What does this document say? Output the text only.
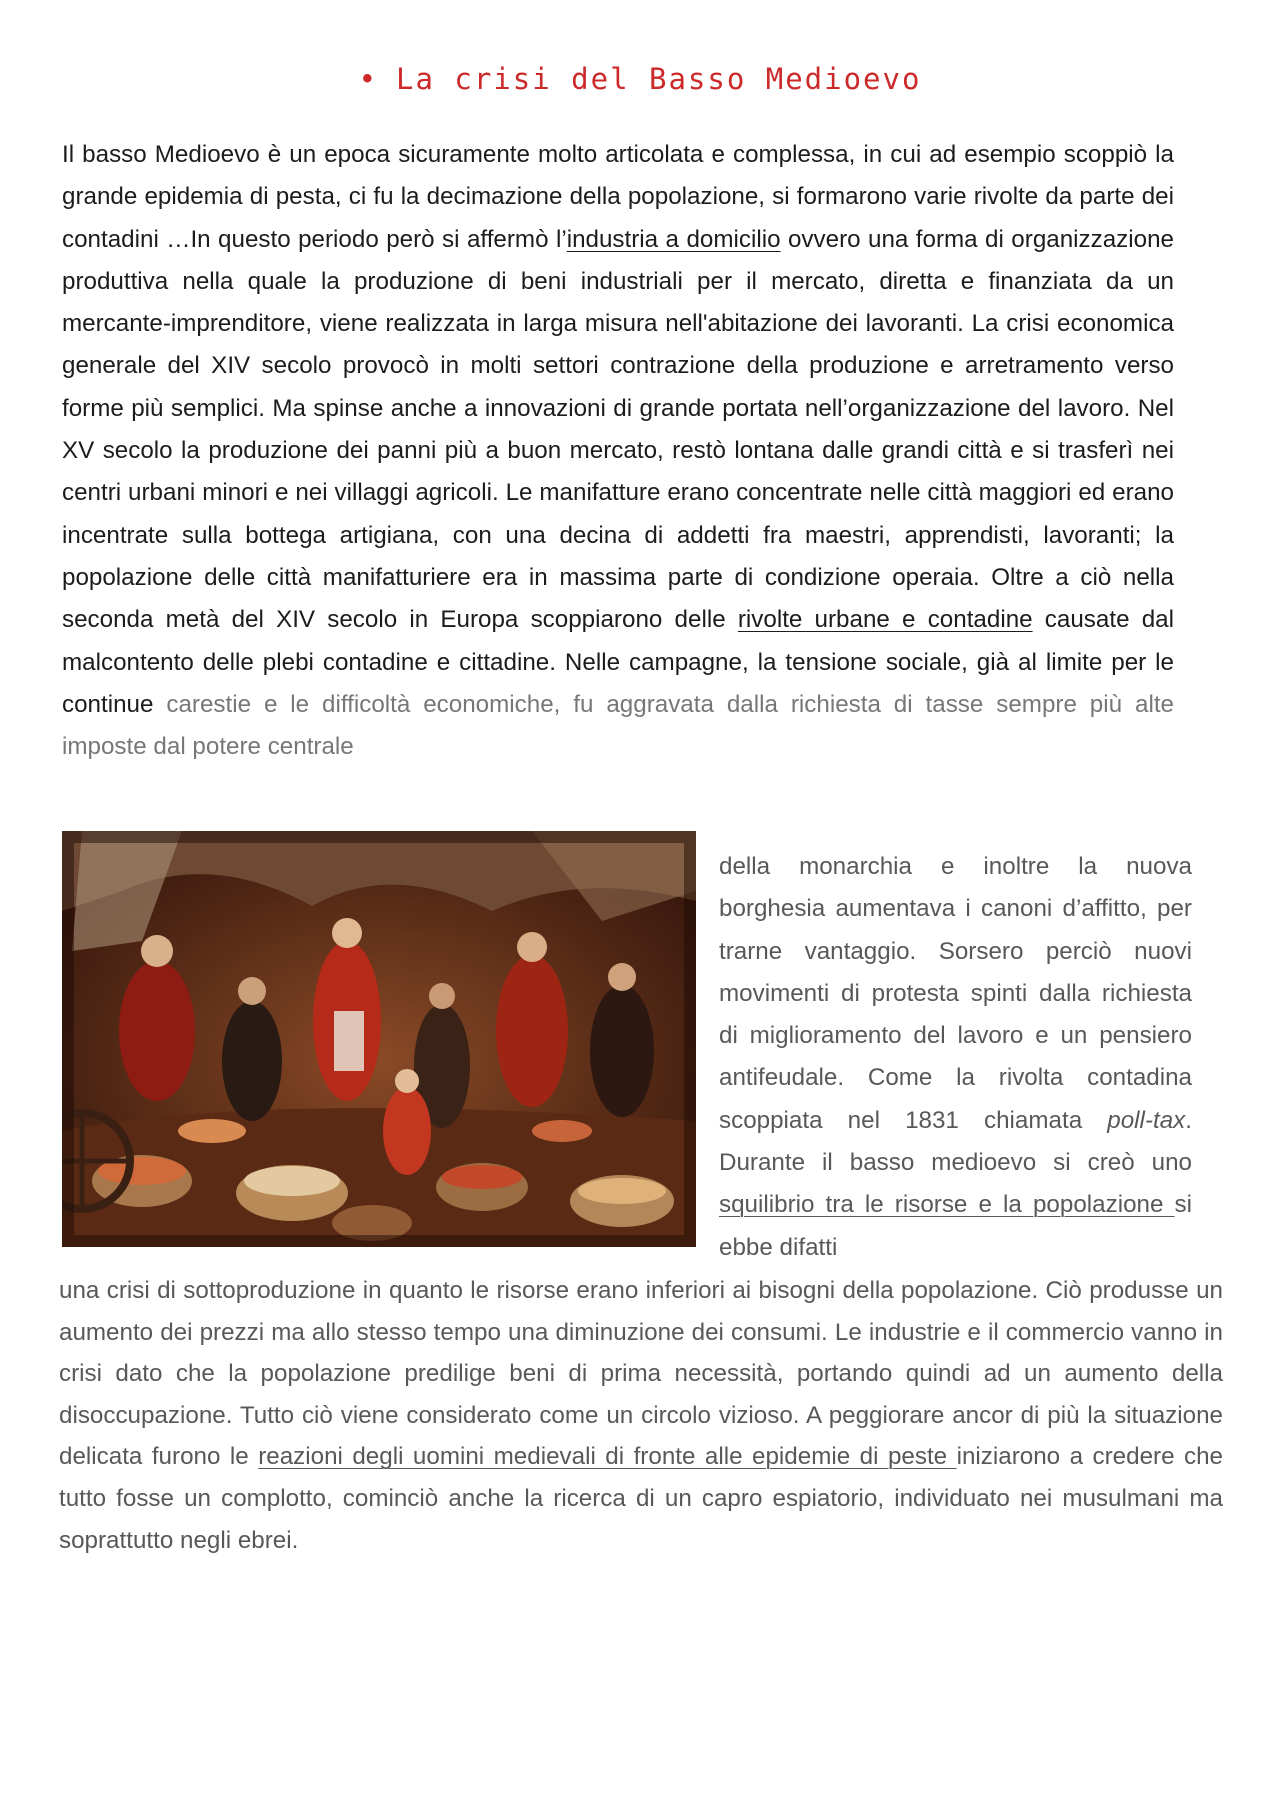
• La crisi del Basso Medioevo

Il basso Medioevo è un epoca sicuramente molto articolata e complessa, in cui ad esempio scoppiò la grande epidemia di pesta, ci fu la decimazione della popolazione, si formarono varie rivolte da parte dei contadini …In questo periodo però si affermò l’industria a domicilio ovvero una forma di organizzazione produttiva nella quale la produzione di beni industriali per il mercato, diretta e finanziata da un mercante-imprenditore, viene realizzata in larga misura nell'abitazione dei lavoranti. La crisi economica generale del XIV secolo provocò in molti settori contrazione della produzione e arretramento verso forme più semplici. Ma spinse anche a innovazioni di grande portata nell’organizzazione del lavoro. Nel XV secolo la produzione dei panni più a buon mercato, restò lontana dalle grandi città e si trasferì nei centri urbani minori e nei villaggi agricoli. Le manifatture erano concentrate nelle città maggiori ed erano incentrate sulla bottega artigiana, con una decina di addetti fra maestri, apprendisti, lavoranti; la popolazione delle città manifatturiere era in massima parte di condizione operaia. Oltre a ciò nella seconda metà del XIV secolo in Europa scoppiarono delle rivolte urbane e contadine causate dal malcontento delle plebi contadine e cittadine. Nelle campagne, la tensione sociale, già al limite per le continue carestie e le difficoltà economiche, fu aggravata dalla richiesta di tasse sempre più alte imposte dal potere centrale

della monarchia e inoltre la nuova borghesia aumentava i canoni d’affitto, per trarne vantaggio. Sorsero perciò nuovi movimenti di protesta spinti dalla richiesta di miglioramento del lavoro e un pensiero antifeudale. Come la rivolta contadina scoppiata nel 1831 chiamata poll-tax. Durante il basso medioevo si creò uno squilibrio tra le risorse e la popolazione si ebbe difatti

una crisi di sottoproduzione in quanto le risorse erano inferiori ai bisogni della popolazione. Ciò produsse un aumento dei prezzi ma allo stesso tempo una diminuzione dei consumi. Le industrie e il commercio vanno in crisi dato che la popolazione predilige beni di prima necessità, portando quindi ad un aumento della disoccupazione. Tutto ciò viene considerato come un circolo vizioso. A peggiorare ancor di più la situazione delicata furono le reazioni degli uomini medievali di fronte alle epidemie di peste iniziarono a credere che tutto fosse un complotto, cominciò anche la ricerca di un capro espiatorio, individuato nei musulmani ma soprattutto negli ebrei.
